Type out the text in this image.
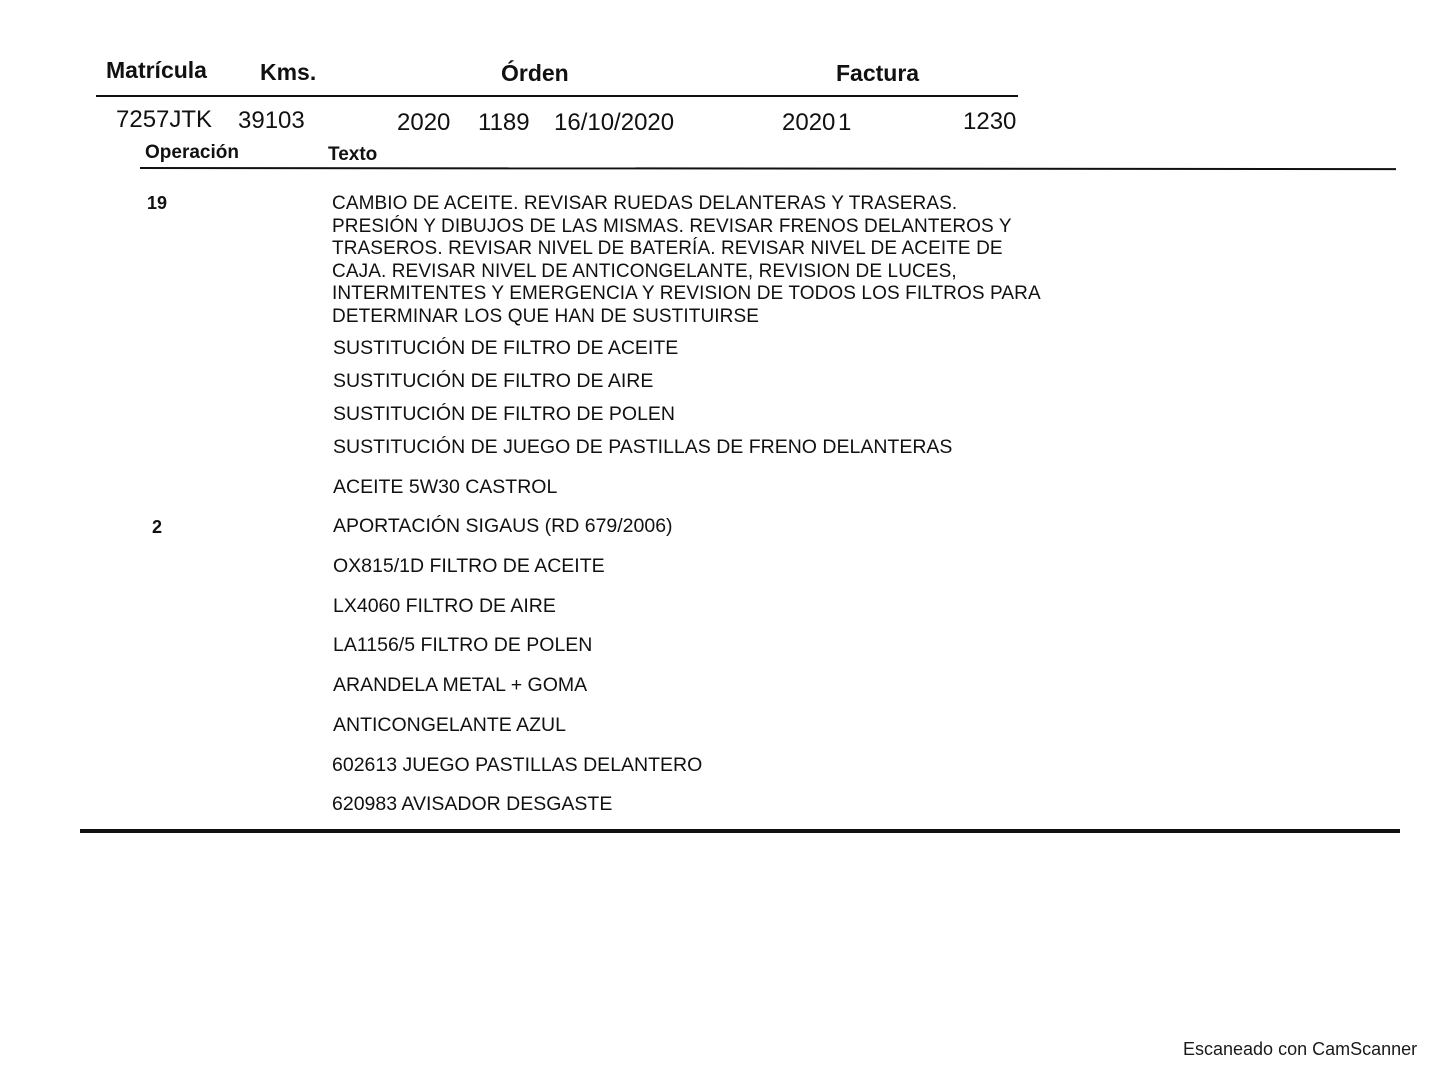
Matrícula Kms.	Órden	Factura
7257JTK 39103	2020 1189 16/10/2020	2020 1	1230
Operación	Texto
19	CAMBIO DE ACEITE. REVISAR RUEDAS DELANTERAS Y TRASERAS.
PRESIÓN Y DIBUJOS DE LAS MISMAS. REVISAR FRENOS DELANTEROS Y
TRASEROS. REVISAR NIVEL DE BATERÍA. REVISAR NIVEL DE ACEITE DE
CAJA. REVISAR NIVEL DE ANTICONGELANTE, REVISION DE LUCES,
INTERMITENTES Y EMERGENCIA Y REVISION DE TODOS LOS FILTROS PARA
DETERMINAR LOS QUE HAN DE SUSTITUIRSE
SUSTITUCIÓN DE FILTRO DE ACEITE
SUSTITUCIÓN DE FILTRO DE AIRE
SUSTITUCIÓN DE FILTRO DE POLEN
SUSTITUCIÓN DE JUEGO DE PASTILLAS DE FRENO DELANTERAS
ACEITE 5W30 CASTROL
2	APORTACIÓN SIGAUS (RD 679/2006)
OX815/1D FILTRO DE ACEITE
LX4060 FILTRO DE AIRE
LA1156/5 FILTRO DE POLEN
ARANDELA METAL + GOMA
ANTICONGELANTE AZUL
602613 JUEGO PASTILLAS DELANTERO
620983 AVISADOR DESGASTE
Escaneado con CamScanner
